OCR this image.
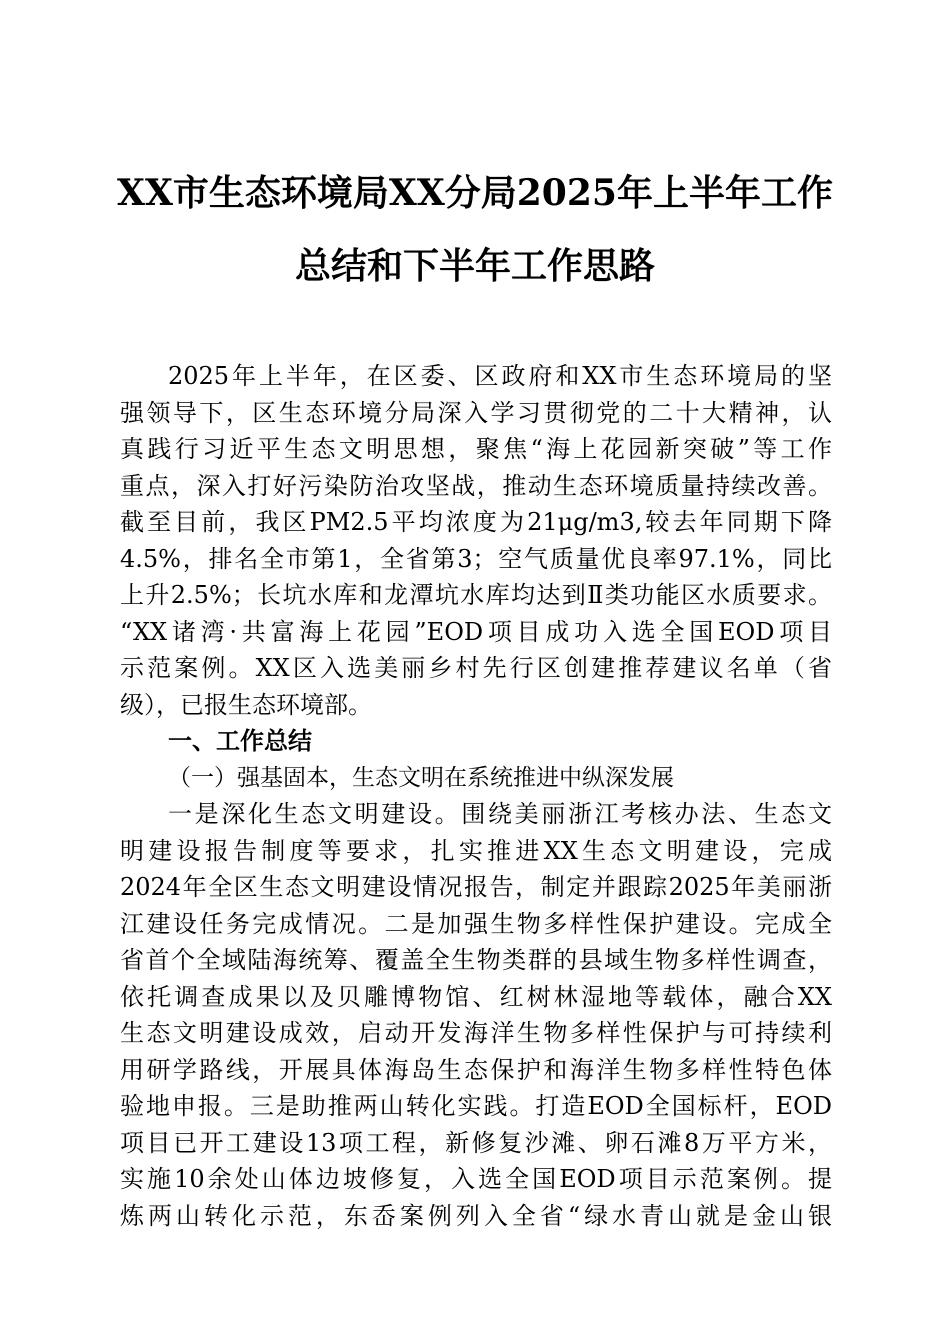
XX市生态环境局XX分局2025年上半年工作
总结和下半年工作思路
2025年上半年，在区委、区政府和XX市生态环境局的坚
强领导下，区生态环境分局深入学习贯彻党的二十大精神，认
真践行习近平生态文明思想，聚焦“海上花园新突破”等工作
重点，深入打好污染防治攻坚战，推动生态环境质量持续改善。
截至目前，我区PM2.5平均浓度为21μg/m3,较去年同期下降
4.5%，排名全市第1，全省第3；空气质量优良率97.1%，同比
上升2.5%；长坑水库和龙潭坑水库均达到Ⅱ类功能区水质要求。
“XX诸湾·共富海上花园”EOD项目成功入选全国EOD项目
示范案例。XX区入选美丽乡村先行区创建推荐建议名单（省
级），已报生态环境部。
一、工作总结
（一）强基固本，生态文明在系统推进中纵深发展
一是深化生态文明建设。围绕美丽浙江考核办法、生态文
明建设报告制度等要求，扎实推进XX生态文明建设，完成
2024年全区生态文明建设情况报告，制定并跟踪2025年美丽浙
江建设任务完成情况。二是加强生物多样性保护建设。完成全
省首个全域陆海统筹、覆盖全生物类群的县域生物多样性调查，
依托调查成果以及贝雕博物馆、红树林湿地等载体，融合XX
生态文明建设成效，启动开发海洋生物多样性保护与可持续利
用研学路线，开展具体海岛生态保护和海洋生物多样性特色体
验地申报。三是助推两山转化实践。打造EOD全国标杆，EOD
项目已开工建设13项工程，新修复沙滩、卵石滩8万平方米，
实施10余处山体边坡修复，入选全国EOD项目示范案例。提
炼两山转化示范，东岙案例列入全省“绿水青山就是金山银
